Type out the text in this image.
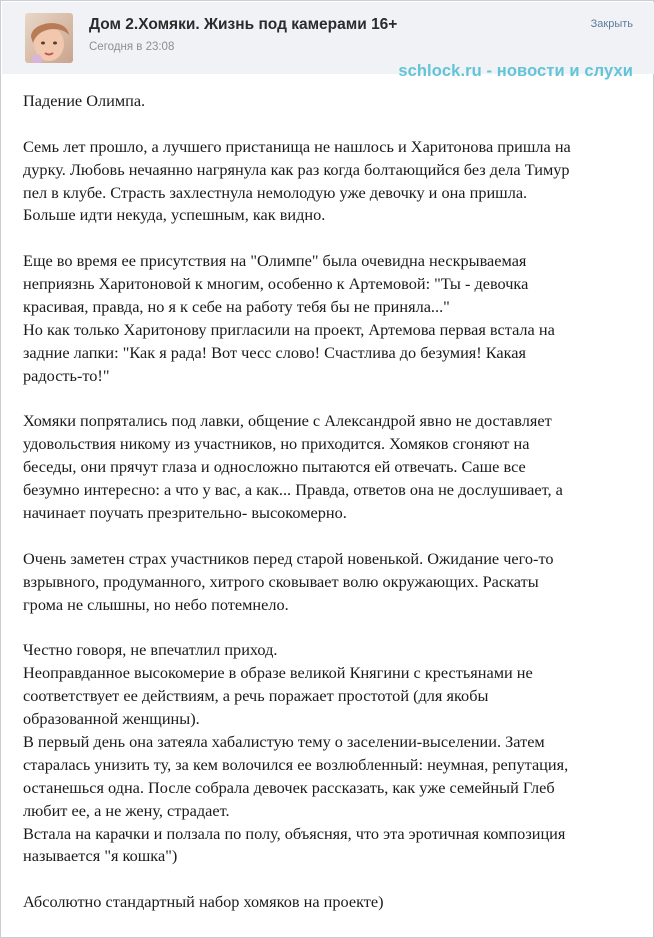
Дом 2.Хомяки. Жизнь под камерами 16+
Сегодня в 23:08
Закрыть
schlock.ru - новости и слухи
Падение Олимпа.
Семь лет прошло, а лучшего пристанища не нашлось и Харитонова пришла на
дурку. Любовь нечаянно нагрянула как раз когда болтающийся без дела Тимур
пел в клубе. Страсть захлестнула немолодую уже девочку и она пришла.
Больше идти некуда, успешным, как видно.
Еще во время ее присутствия на "Олимпе" была очевидна нескрываемая
неприязнь Харитоновой к многим, особенно к Артемовой: "Ты - девочка
красивая, правда, но я к себе на работу тебя бы не приняла..."
Но как только Харитонову пригласили на проект, Артемова первая встала на
задние лапки: "Как я рада! Вот чесс слово! Счастлива до безумия! Какая
радость-то!"
Хомяки попрятались под лавки, общение с Александрой явно не доставляет
удовольствия никому из участников, но приходится. Хомяков сгоняют на
беседы, они прячут глаза и односложно пытаются ей отвечать. Саше все
безумно интересно: а что у вас, а как... Правда, ответов она не дослушивает, а
начинает поучать презрительно- высокомерно.
Очень заметен страх участников перед старой новенькой. Ожидание чего-то
взрывного, продуманного, хитрого сковывает волю окружающих. Раскаты
грома не слышны, но небо потемнело.
Честно говоря, не впечатлил приход.
Неоправданное высокомерие в образе великой Княгини с крестьянами не
соответствует ее действиям, а речь поражает простотой (для якобы
образованной женщины).
В первый день она затеяла хабалистую тему о заселении-выселении. Затем
старалась унизить ту, за кем волочился ее возлюбленный: неумная, репутация,
останешься одна. После собрала девочек рассказать, как уже семейный Глеб
любит ее, а не жену, страдает.
Встала на карачки и ползала по полу, объясняя, что эта эротичная композиция
называется "я кошка")
Абсолютно стандартный набор хомяков на проекте)
